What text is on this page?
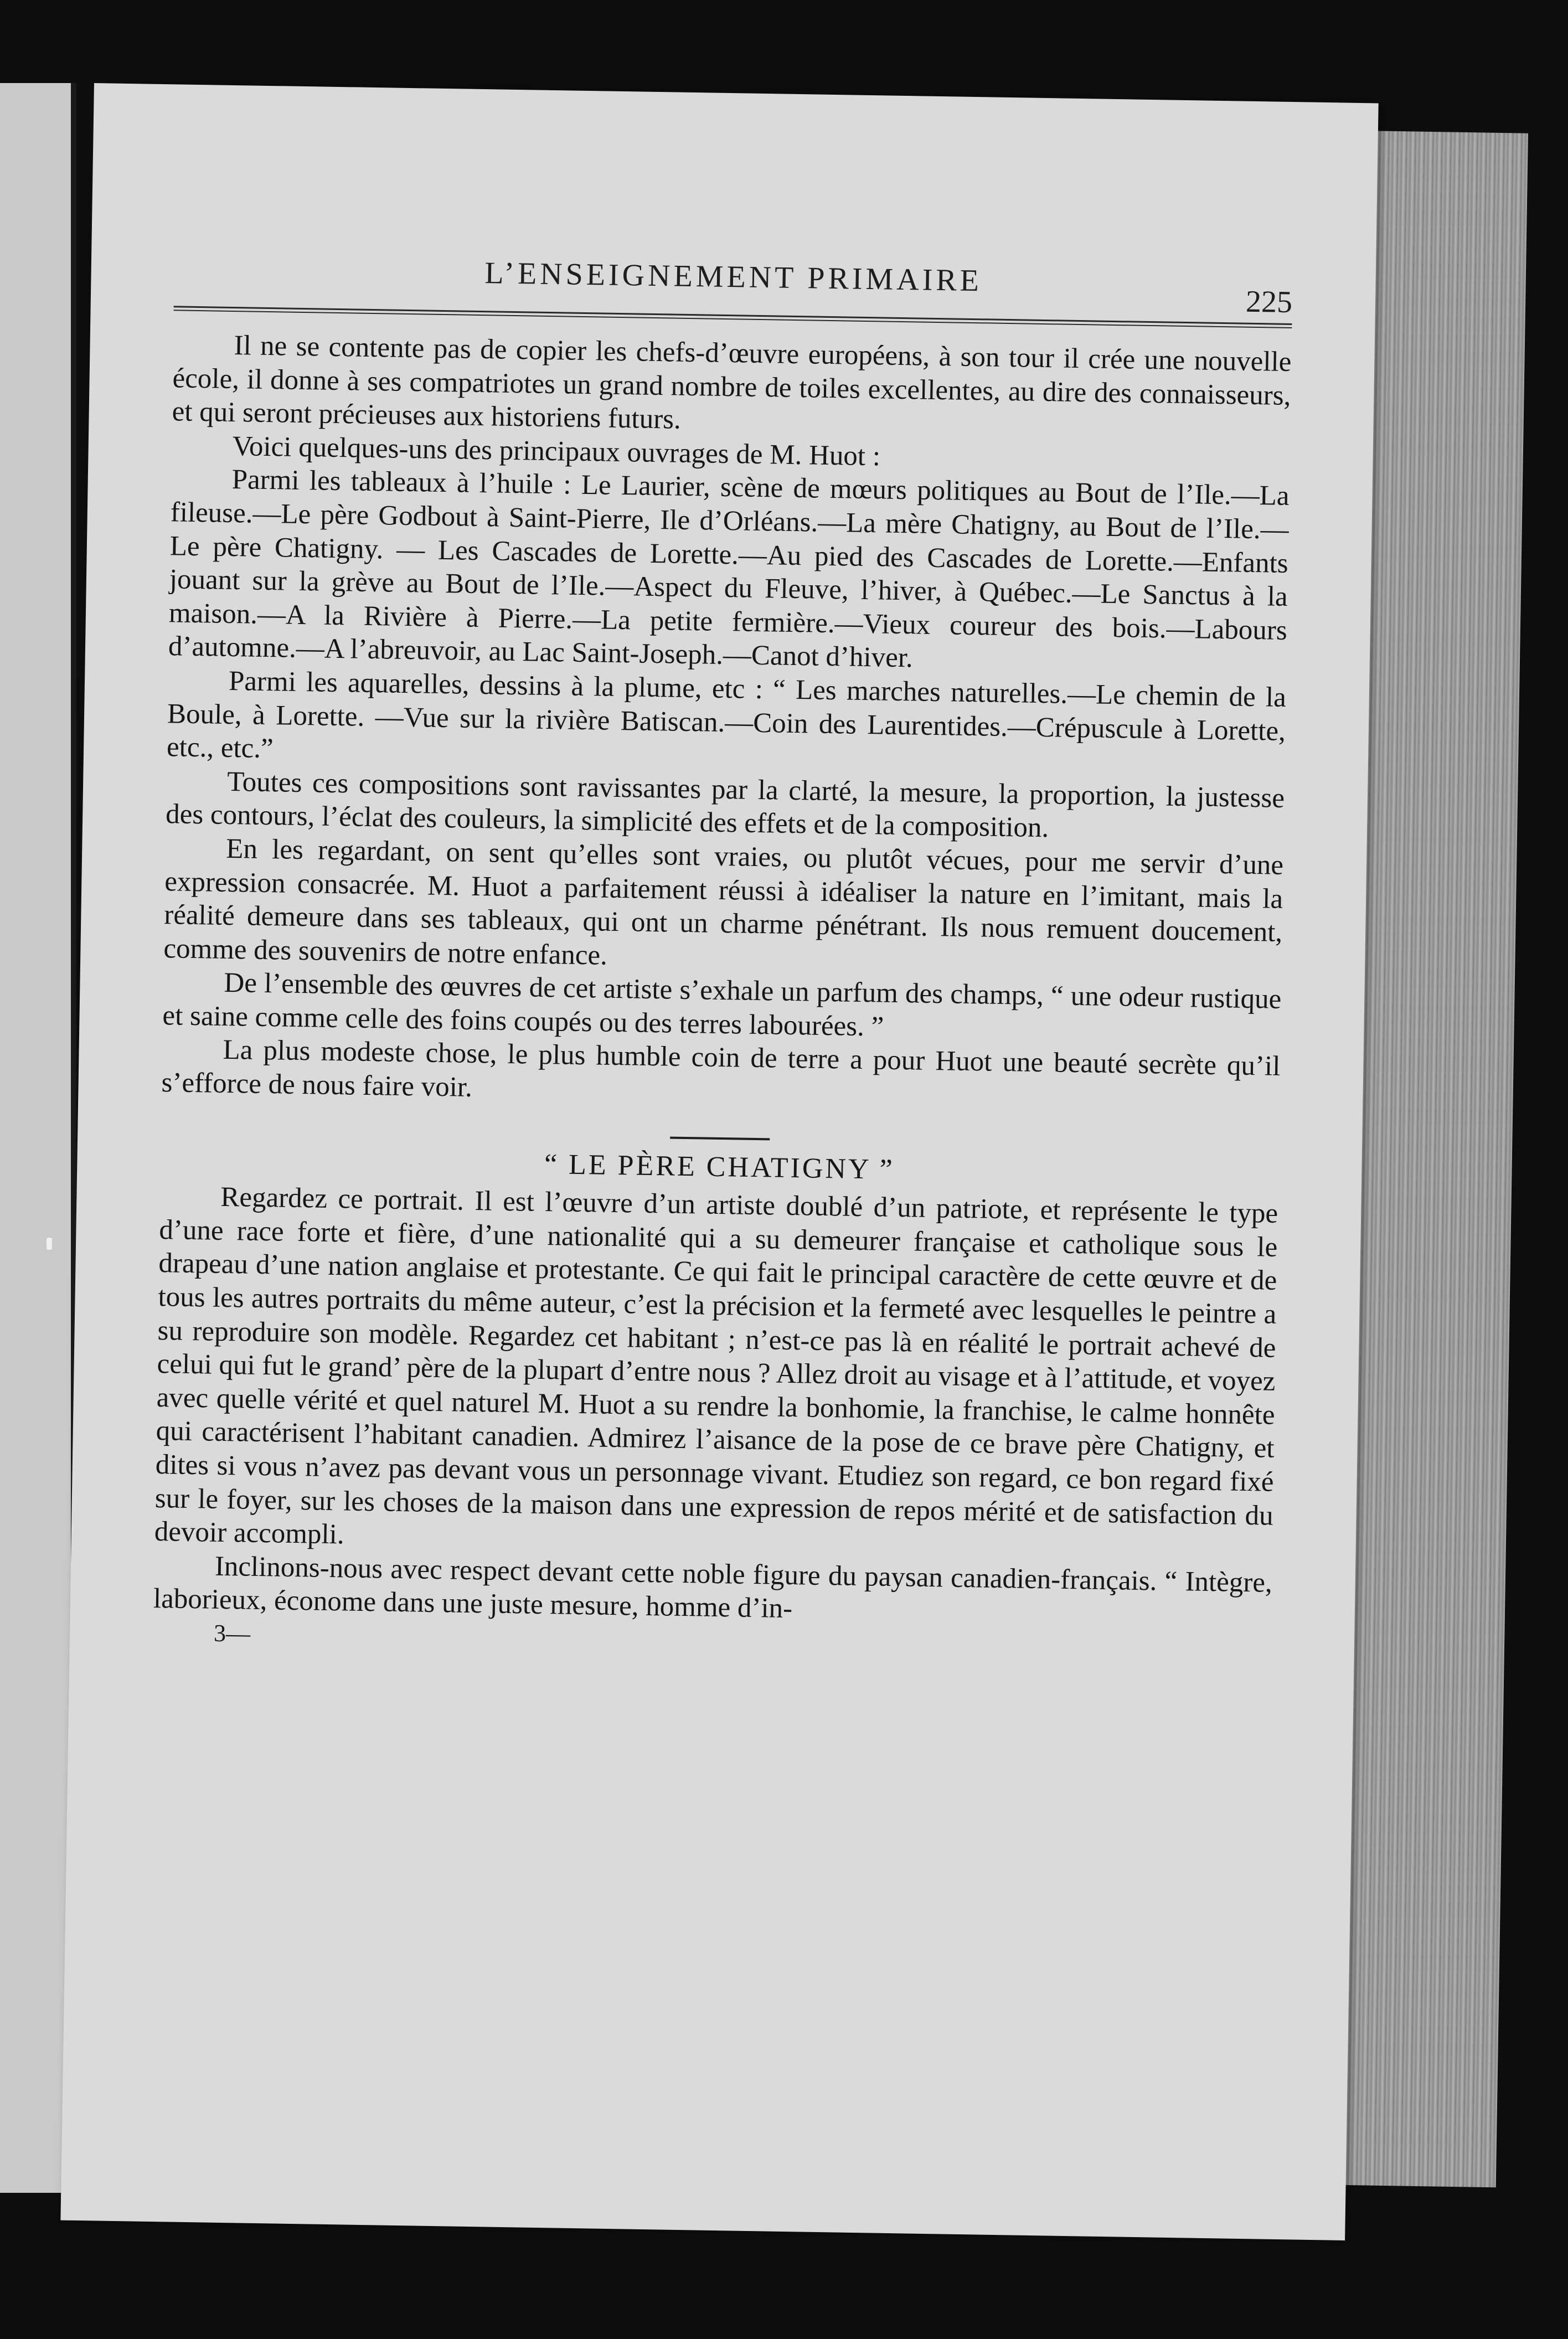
L’ENSEIGNEMENT PRIMAIRE
225

Il ne se contente pas de copier les chefs-d’œuvre européens, à son tour il crée une nouvelle école, il donne à ses compatriotes un grand nombre de toiles excellentes, au dire des connaisseurs, et qui seront précieuses aux historiens futurs.

Voici quelques-uns des principaux ouvrages de M. Huot :

Parmi les tableaux à l’huile : Le Laurier, scène de mœurs politiques au Bout de l’Ile.—La fileuse.—Le père Godbout à Saint-Pierre, Ile d’Orléans.—La mère Chatigny, au Bout de l’Ile.—Le père Chatigny. — Les Cascades de Lorette.—Au pied des Cascades de Lorette.—Enfants jouant sur la grève au Bout de l’Ile.—Aspect du Fleuve, l’hiver, à Québec.—Le Sanctus à la maison.—A la Rivière à Pierre.—La petite fermière.—Vieux coureur des bois.—Labours d’automne.—A l’abreuvoir, au Lac Saint-Joseph.—Canot d’hiver.

Parmi les aquarelles, dessins à la plume, etc : “ Les marches naturelles.—Le chemin de la Boule, à Lorette. —Vue sur la rivière Batiscan.—Coin des Laurentides.—Crépuscule à Lorette, etc., etc.”

Toutes ces compositions sont ravissantes par la clarté, la mesure, la proportion, la justesse des contours, l’éclat des couleurs, la simplicité des effets et de la composition.

En les regardant, on sent qu’elles sont vraies, ou plutôt vécues, pour me servir d’une expression consacrée. M. Huot a parfaitement réussi à idéaliser la nature en l’imitant, mais la réalité demeure dans ses tableaux, qui ont un charme pénétrant. Ils nous remuent doucement, comme des souvenirs de notre enfance.

De l’ensemble des œuvres de cet artiste s’exhale un parfum des champs, “ une odeur rustique et saine comme celle des foins coupés ou des terres labourées. ”

La plus modeste chose, le plus humble coin de terre a pour Huot une beauté secrète qu’il s’efforce de nous faire voir.

“ LE PÈRE CHATIGNY ”

Regardez ce portrait. Il est l’œuvre d’un artiste doublé d’un patriote, et représente le type d’une race forte et fière, d’une nationalité qui a su demeurer française et catholique sous le drapeau d’une nation anglaise et protestante. Ce qui fait le principal caractère de cette œuvre et de tous les autres portraits du même auteur, c’est la précision et la fermeté avec lesquelles le peintre a su reproduire son modèle. Regardez cet habitant ; n’est-ce pas là en réalité le portrait achevé de celui qui fut le grand’ père de la plupart d’entre nous ? Allez droit au visage et à l’attitude, et voyez avec quelle vérité et quel naturel M. Huot a su rendre la bonhomie, la franchise, le calme honnête qui caractérisent l’habitant canadien. Admirez l’aisance de la pose de ce brave père Chatigny, et dites si vous n’avez pas devant vous un personnage vivant. Etudiez son regard, ce bon regard fixé sur le foyer, sur les choses de la maison dans une expression de repos mérité et de satisfaction du devoir accompli.

Inclinons-nous avec respect devant cette noble figure du paysan canadien-français. “ Intègre, laborieux, économe dans une juste mesure, homme d’in-

3—
